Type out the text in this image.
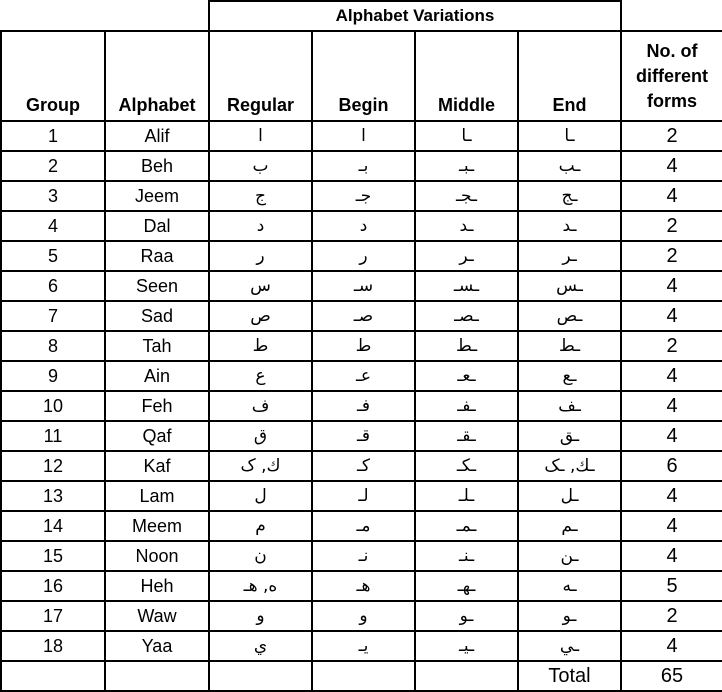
		Alphabet Variations				
Group	Alphabet	Regular	Begin	Middle	End	No. of different forms
1	Alif	ا	ا	ـا	ـا	2
2	Beh	ب	بـ	ـبـ	ـب	4
3	Jeem	ج	جـ	ـجـ	ـج	4
4	Dal	د	د	ـد	ـد	2
5	Raa	ر	ر	ـر	ـر	2
6	Seen	س	سـ	ـسـ	ـس	4
7	Sad	ص	صـ	ـصـ	ـص	4
8	Tah	ط	ط	ـط	ـط	2
9	Ain	ع	عـ	ـعـ	ـع	4
10	Feh	ف	فـ	ـفـ	ـف	4
11	Qaf	ق	قـ	ـقـ	ـق	4
12	Kaf	ك, ک	کـ	ـکـ	ـك, ـک	6
13	Lam	ل	لـ	ـلـ	ـل	4
14	Meem	م	مـ	ـمـ	ـم	4
15	Noon	ن	نـ	ـنـ	ـن	4
16	Heh	ه, هـ	هـ	ـهـ	ـه	5
17	Waw	و	و	ـو	ـو	2
18	Yaa	ي	يـ	ـيـ	ـي	4
					Total	65
